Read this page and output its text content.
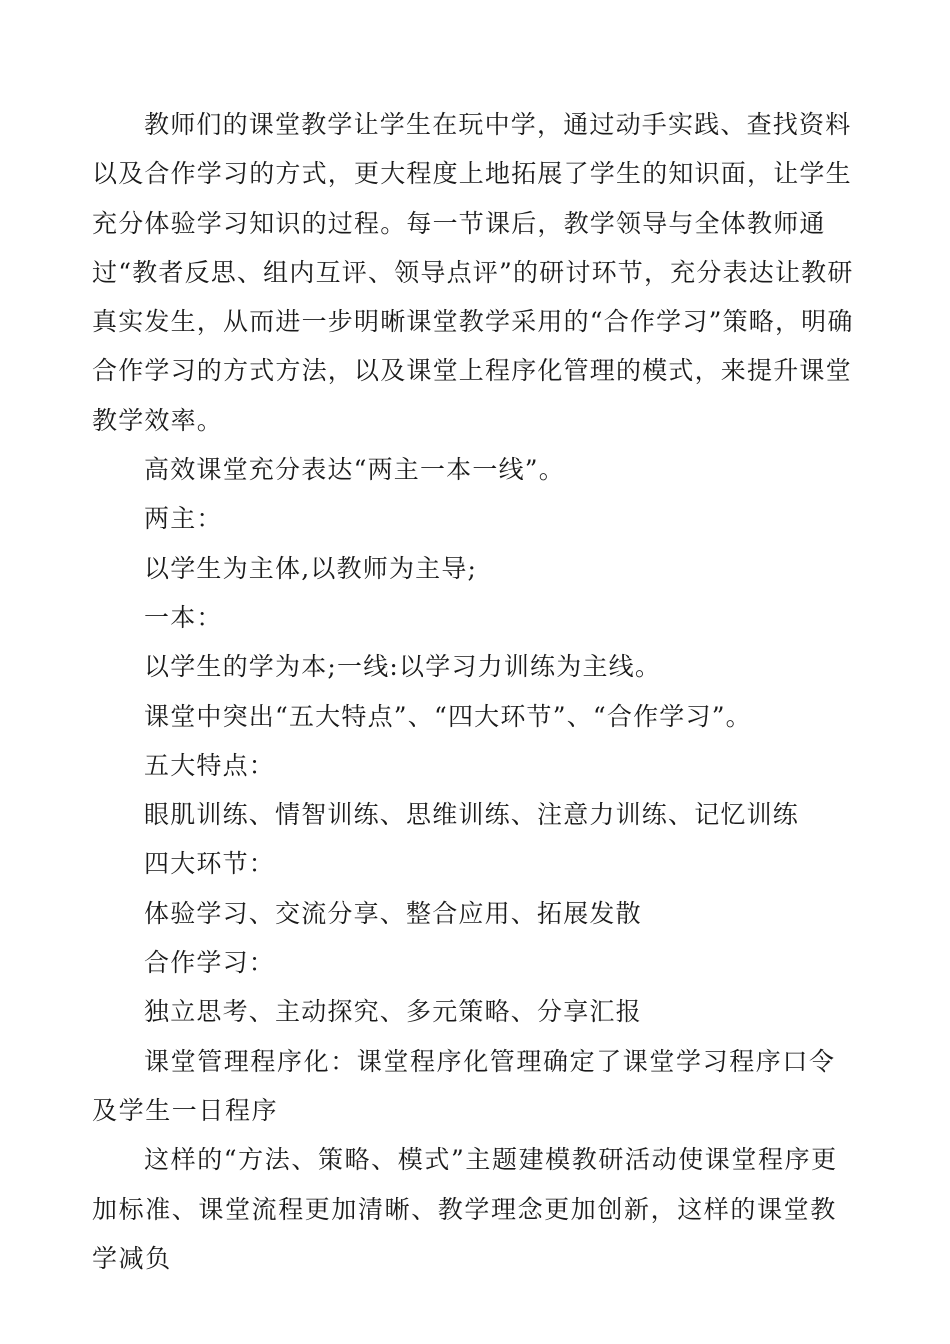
教师们的课堂教学让学生在玩中学，通过动手实践、查找资料以及合作学习的方式，更大程度上地拓展了学生的知识面，让学生充分体验学习知识的过程。每一节课后，教学领导与全体教师通过“教者反思、组内互评、领导点评”的研讨环节，充分表达让教研真实发生，从而进一步明晰课堂教学采用的“合作学习”策略，明确合作学习的方式方法，以及课堂上程序化管理的模式，来提升课堂教学效率。

高效课堂充分表达“两主一本一线”。

两主：

以学生为主体,以教师为主导;

一本：

以学生的学为本;一线:以学习力训练为主线。

课堂中突出“五大特点”、“四大环节”、“合作学习”。

五大特点：

眼肌训练、情智训练、思维训练、注意力训练、记忆训练

四大环节：

体验学习、交流分享、整合应用、拓展发散

合作学习：

独立思考、主动探究、多元策略、分享汇报

课堂管理程序化：课堂程序化管理确定了课堂学习程序口令及学生一日程序

这样的“方法、策略、模式”主题建模教研活动使课堂程序更加标准、课堂流程更加清晰、教学理念更加创新，这样的课堂教学减负
